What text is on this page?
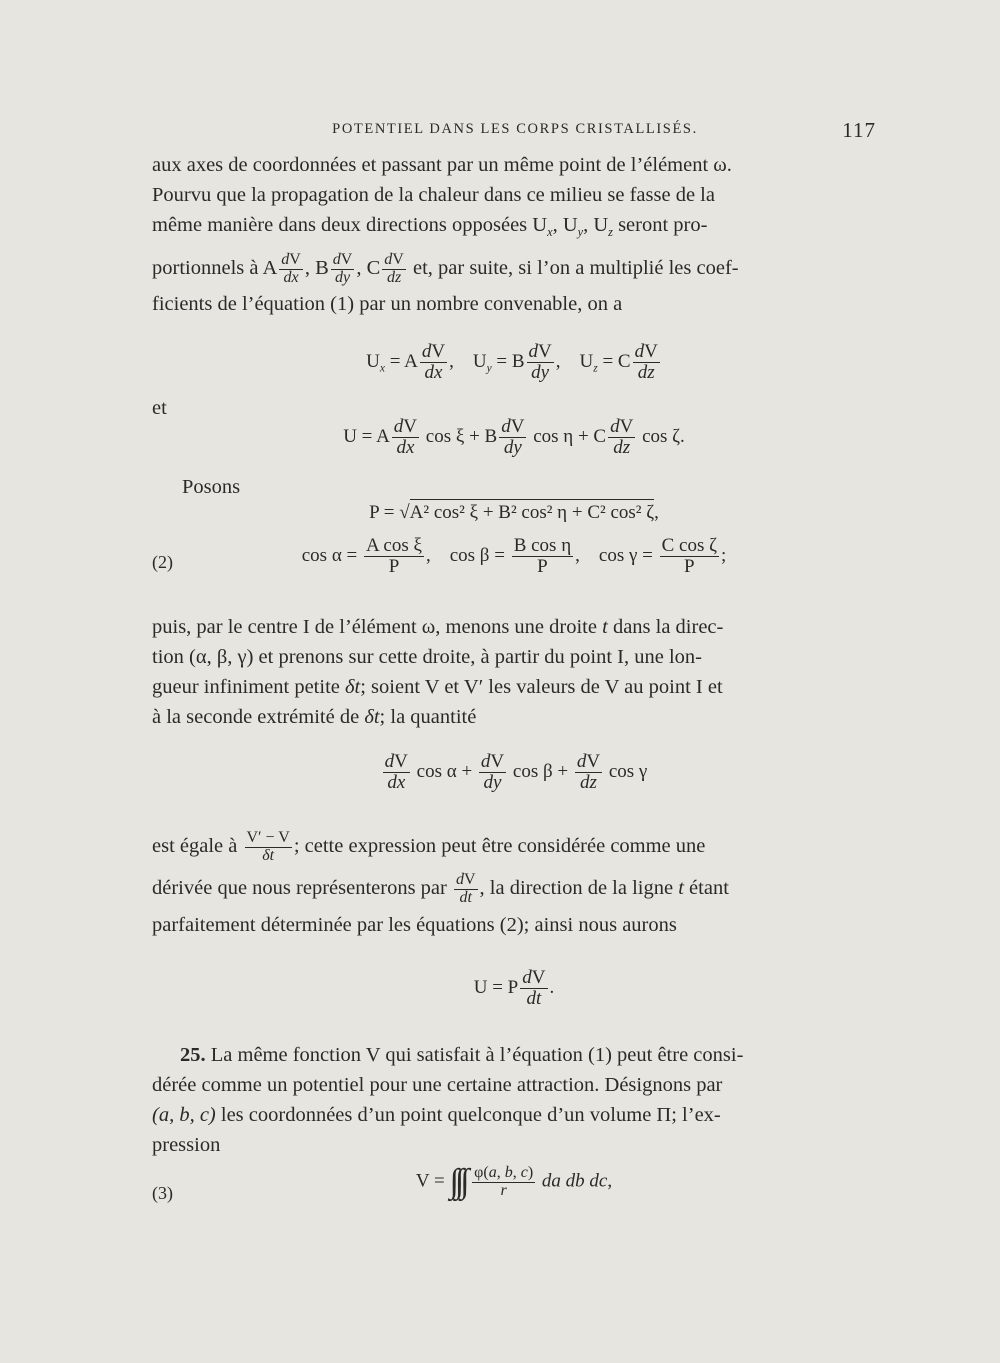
POTENTIEL DANS LES CORPS CRISTALLISÉS.	117
aux axes de coordonnées et passant par un même point de l’élément ω.
Pourvu que la propagation de la chaleur dans ce milieu se fasse de la
même manière dans deux directions opposées $U_x$, $U_y$, $U_z$ seront pro-
portionnels à A $\frac{dV}{dx}$ , B $\frac{dV}{dy}$ , C $\frac{dV}{dz}$ et, par suite, si l’on a multiplié les coef-
ficients de l’équation (1) par un nombre convenable, on a
$U_x = A \frac{dV}{dx}$ ,    $U_y = B \frac{dV}{dy}$ ,    $U_z = C \frac{dV}{dz}$
et
U = A $\frac{dV}{dx}$ cos ξ + B $\frac{dV}{dy}$ cos η + C $\frac{dV}{dz}$ cos ζ.
Posons
P = √A² cos² ξ + B² cos² η + C² cos² ζ,
(2)	$\cos \alpha = \frac{\text{A cos ξ}}{P}$ ,    $\cos \beta = \frac{\text{B cos η}}{P}$ ,    $\cos \gamma = \frac{\text{C cos ζ}}{P}$ ;
puis, par le centre I de l’élément ω, menons une droite t dans la direc-
tion (α, β, γ) et prenons sur cette droite, à partir du point I, une lon-
gueur infiniment petite δt; soient V et V′ les valeurs de V au point I et
à la seconde extrémité de δt; la quantité
$\frac{dV}{dx}$ $\cos \alpha + \frac{dV}{dy}$ $\cos \beta + \frac{dV}{dz}$ cos γ
est égale à $\frac{V' - V}{\delta t}$ ; cette expression peut être considérée comme une
dérivée que nous représenterons par $\frac{dV}{dt}$ , la direction de la ligne t étant
parfaitement déterminée par les équations (2); ainsi nous aurons
U = P $\frac{dV}{dt}$ .
25. La même fonction V qui satisfait à l’équation (1) peut être consi-
dérée comme un potentiel pour une certaine attraction. Désignons par
(a, b, c) les coordonnées d’un point quelconque d’un volume Π; l’ex-
pression
(3)
V = ∫∫∫ $\frac{\varphi(a, b, c)}{r}$ da db dc,
